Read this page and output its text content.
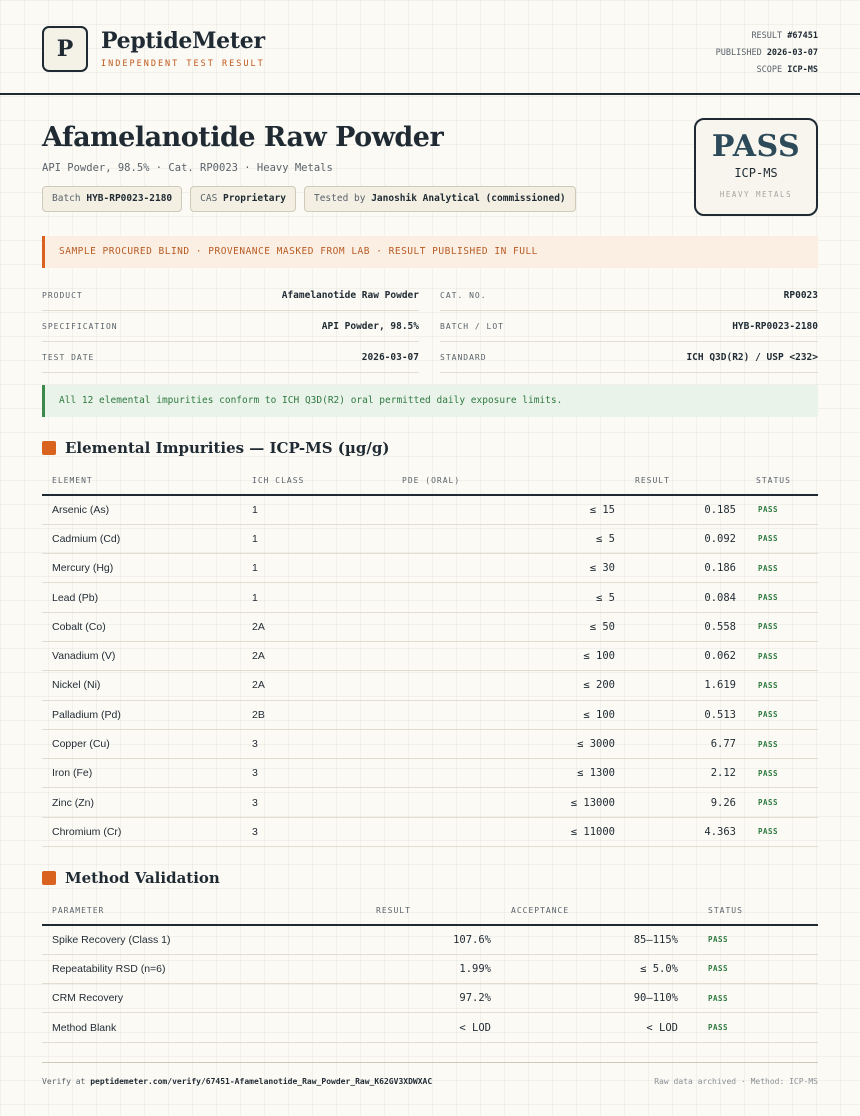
P	PeptideMeter
INDEPENDENT TEST RESULT
RESULT #67451
PUBLISHED 2026-03-07
SCOPE ICP-MS
Afamelanotide Raw Powder
API Powder, 98.5% · Cat. RP0023 · Heavy Metals
Batch HYB-RP0023-2180	CAS Proprietary	Tested by Janoshik Analytical (commissioned)
PASS
ICP-MS
HEAVY METALS
SAMPLE PROCURED BLIND · PROVENANCE MASKED FROM LAB · RESULT PUBLISHED IN FULL
PRODUCT	Afamelanotide Raw Powder	CAT. NO.	RP0023
SPECIFICATION	API Powder, 98.5%	BATCH / LOT	HYB-RP0023-2180
TEST DATE	2026-03-07	STANDARD	ICH Q3D(R2) / USP <232>
All 12 elemental impurities conform to ICH Q3D(R2) oral permitted daily exposure limits.
Elemental Impurities — ICP-MS (µg/g)
ELEMENT	ICH CLASS	PDE (ORAL)	RESULT	STATUS
Arsenic (As)	1	≤ 15	0.185	PASS
Cadmium (Cd)	1	≤ 5	0.092	PASS
Mercury (Hg)	1	≤ 30	0.186	PASS
Lead (Pb)	1	≤ 5	0.084	PASS
Cobalt (Co)	2A	≤ 50	0.558	PASS
Vanadium (V)	2A	≤ 100	0.062	PASS
Nickel (Ni)	2A	≤ 200	1.619	PASS
Palladium (Pd)	2B	≤ 100	0.513	PASS
Copper (Cu)	3	≤ 3000	6.77	PASS
Iron (Fe)	3	≤ 1300	2.12	PASS
Zinc (Zn)	3	≤ 13000	9.26	PASS
Chromium (Cr)	3	≤ 11000	4.363	PASS
Method Validation
PARAMETER	RESULT	ACCEPTANCE	STATUS
Spike Recovery (Class 1)	107.6%	85–115%	PASS
Repeatability RSD (n=6)	1.99%	≤ 5.0%	PASS
CRM Recovery	97.2%	90–110%	PASS
Method Blank	< LOD	< LOD	PASS
Verify at peptidemeter.com/verify/67451-Afamelanotide_Raw_Powder_Raw_K62GV3XDWXAC	Raw data archived · Method: ICP-MS
